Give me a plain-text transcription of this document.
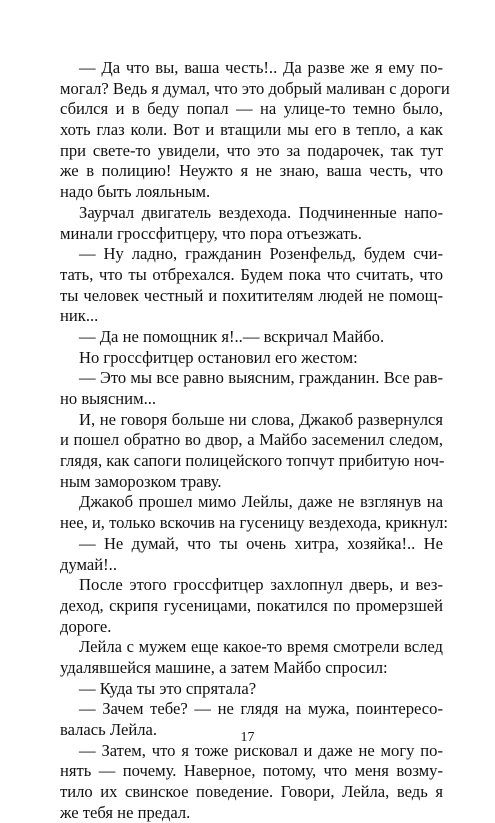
— Да что вы, ваша честь!.. Да разве же я ему по-
могал? Ведь я думал, что это добрый маливан с дороги
сбился и в беду попал — на улице-то темно было,
хоть глаз коли. Вот и втащили мы его в тепло, а как
при свете-то увидели, что это за подарочек, так тут
же в полицию! Неужто я не знаю, ваша честь, что
надо быть лояльным.
Заурчал двигатель вездехода. Подчиненные напо-
минали гроссфитцеру, что пора отъезжать.
— Ну ладно, гражданин Розенфельд, будем счи-
тать, что ты отбрехался. Будем пока что считать, что
ты человек честный и похитителям людей не помощ-
ник...
— Да не помощник я!..— вскричал Майбо.
Но гроссфитцер остановил его жестом:
— Это мы все равно выясним, гражданин. Все рав-
но выясним...
И, не говоря больше ни слова, Джакоб развернулся
и пошел обратно во двор, а Майбо засеменил следом,
глядя, как сапоги полицейского топчут прибитую ноч-
ным заморозком траву.
Джакоб прошел мимо Лейлы, даже не взглянув на
нее, и, только вскочив на гусеницу вездехода, крикнул:
— Не думай, что ты очень хитра, хозяйка!.. Не
думай!..
После этого гроссфитцер захлопнул дверь, и вез-
деход, скрипя гусеницами, покатился по промерзшей
дороге.
Лейла с мужем еще какое-то время смотрели вслед
удалявшейся машине, а затем Майбо спросил:
— Куда ты это спрятала?
— Зачем тебе? — не глядя на мужа, поинтересо-
валась Лейла.
— Затем, что я тоже рисковал и даже не могу по-
нять — почему. Наверное, потому, что меня возму-
тило их свинское поведение. Говори, Лейла, ведь я
же тебя не предал.
17
